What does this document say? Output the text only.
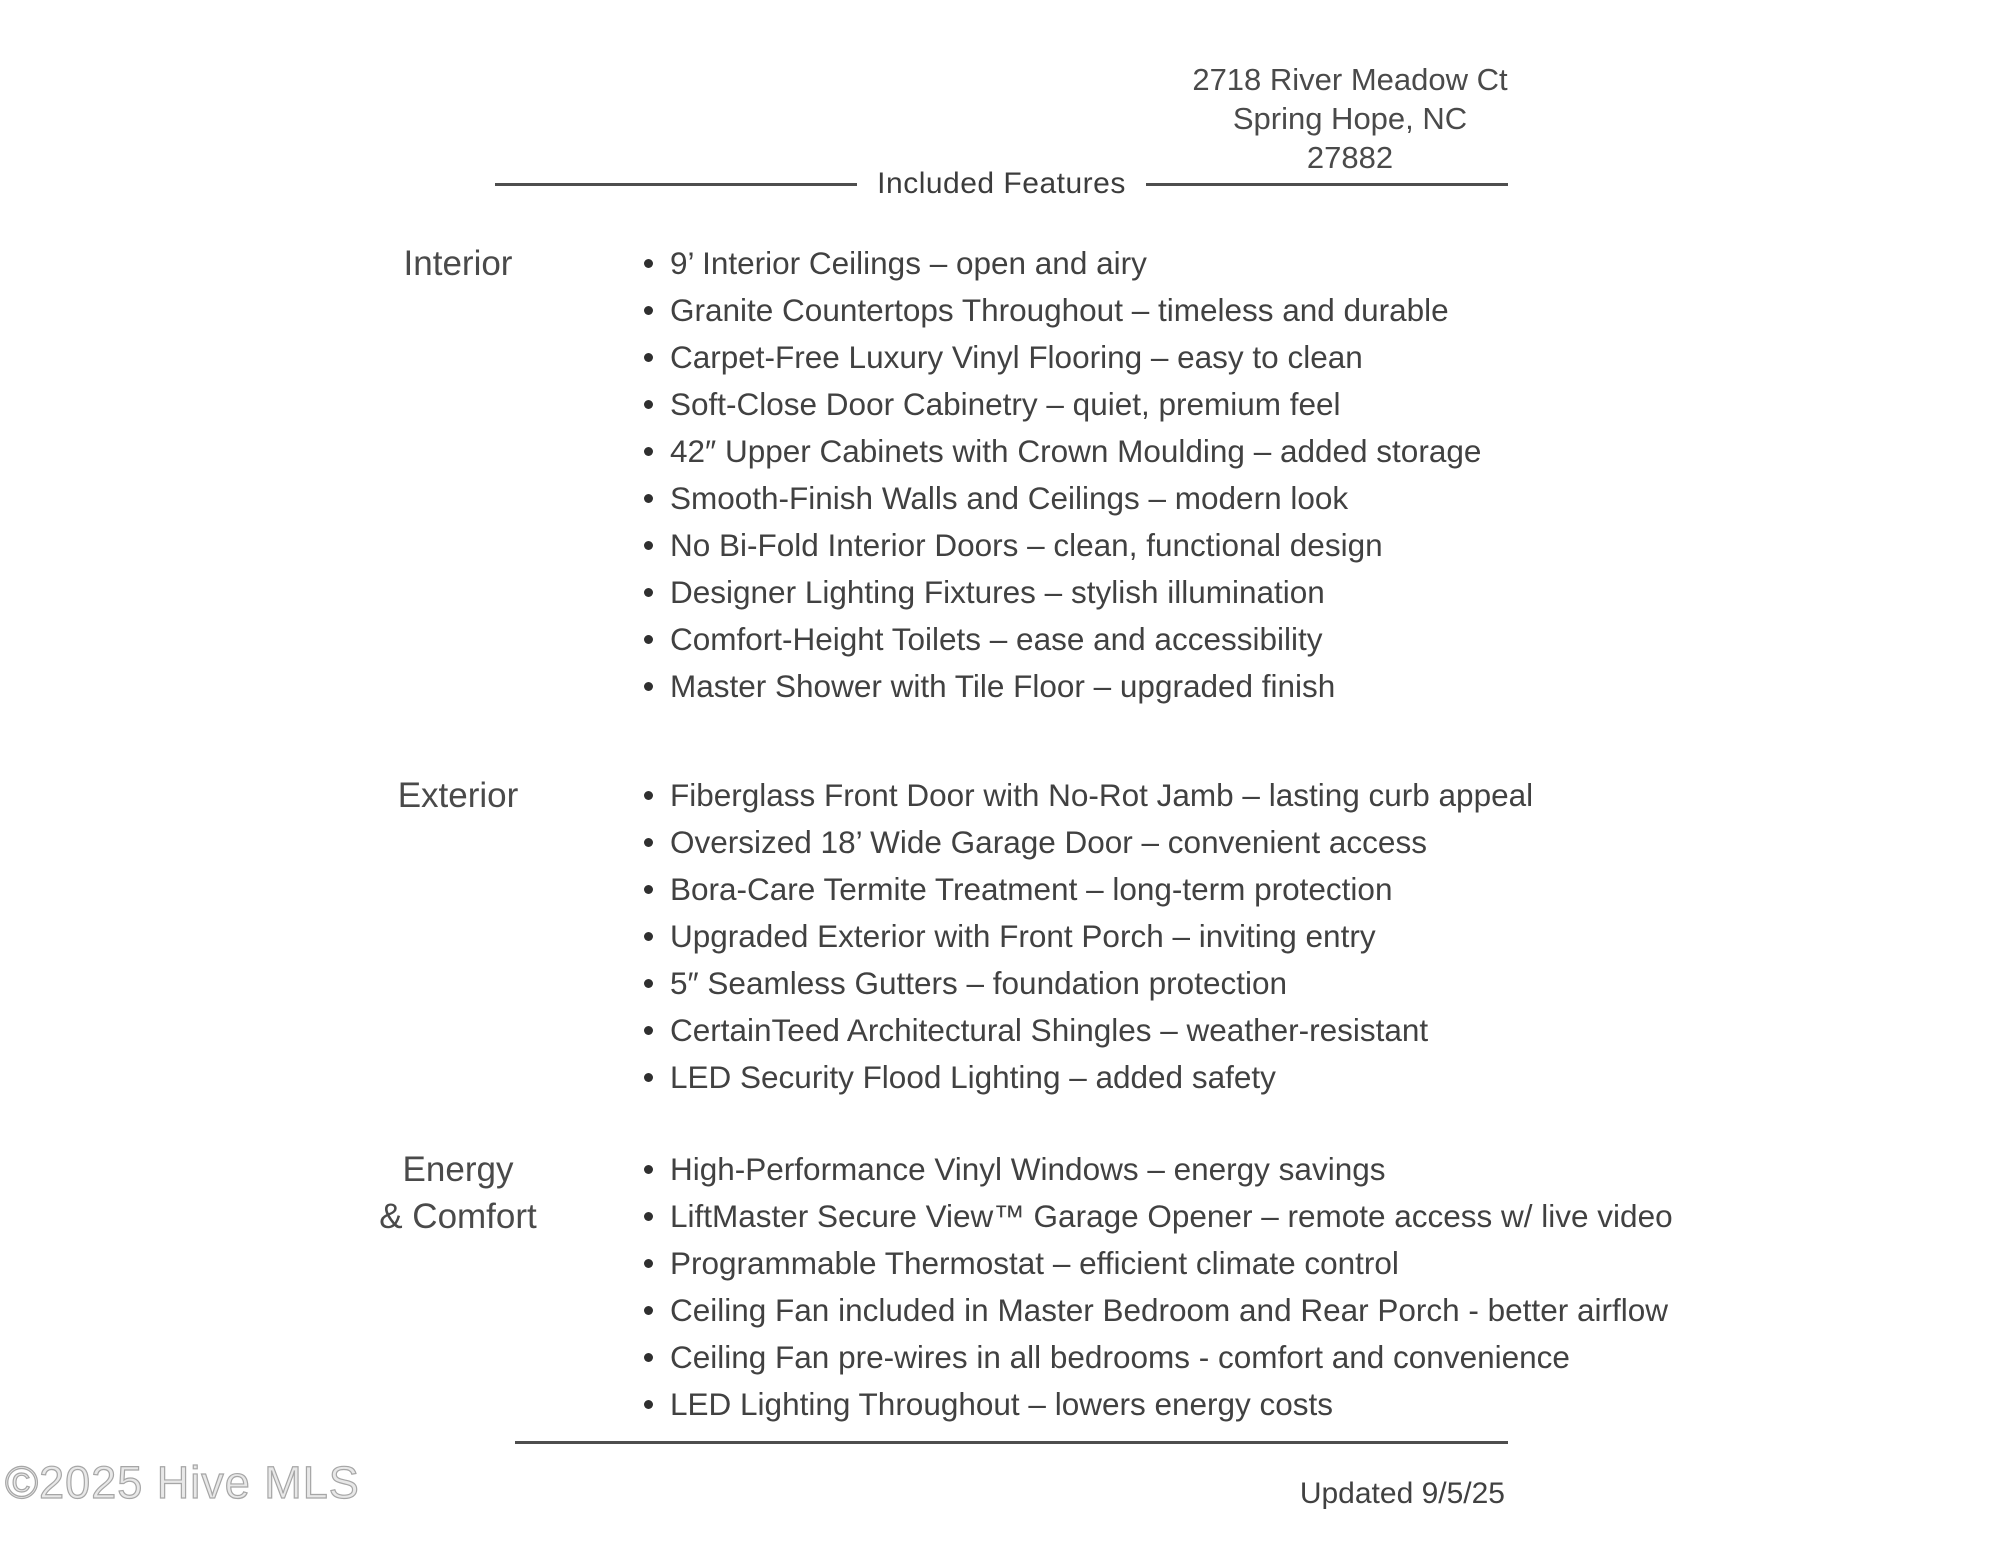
2718 River Meadow Ct
Spring Hope, NC 27882
Included Features
Interior	9’ Interior Ceilings – open and airy
Granite Countertops Throughout – timeless and durable
Carpet-Free Luxury Vinyl Flooring – easy to clean
Soft-Close Door Cabinetry – quiet, premium feel
42″ Upper Cabinets with Crown Moulding – added storage
Smooth-Finish Walls and Ceilings – modern look
No Bi-Fold Interior Doors – clean, functional design
Designer Lighting Fixtures – stylish illumination
Comfort-Height Toilets – ease and accessibility
Master Shower with Tile Floor – upgraded finish
Exterior	Fiberglass Front Door with No-Rot Jamb – lasting curb appeal
Oversized 18’ Wide Garage Door – convenient access
Bora-Care Termite Treatment – long-term protection
Upgraded Exterior with Front Porch – inviting entry
5″ Seamless Gutters – foundation protection
CertainTeed Architectural Shingles – weather-resistant
LED Security Flood Lighting – added safety
Energy
& Comfort
High-Performance Vinyl Windows – energy savings
LiftMaster Secure View™ Garage Opener – remote access w/ live video
Programmable Thermostat – efficient climate control
Ceiling Fan included in Master Bedroom and Rear Porch - better airflow
Ceiling Fan pre-wires in all bedrooms - comfort and convenience
LED Lighting Throughout – lowers energy costs
Updated 9/5/25
©2025 Hive MLS
